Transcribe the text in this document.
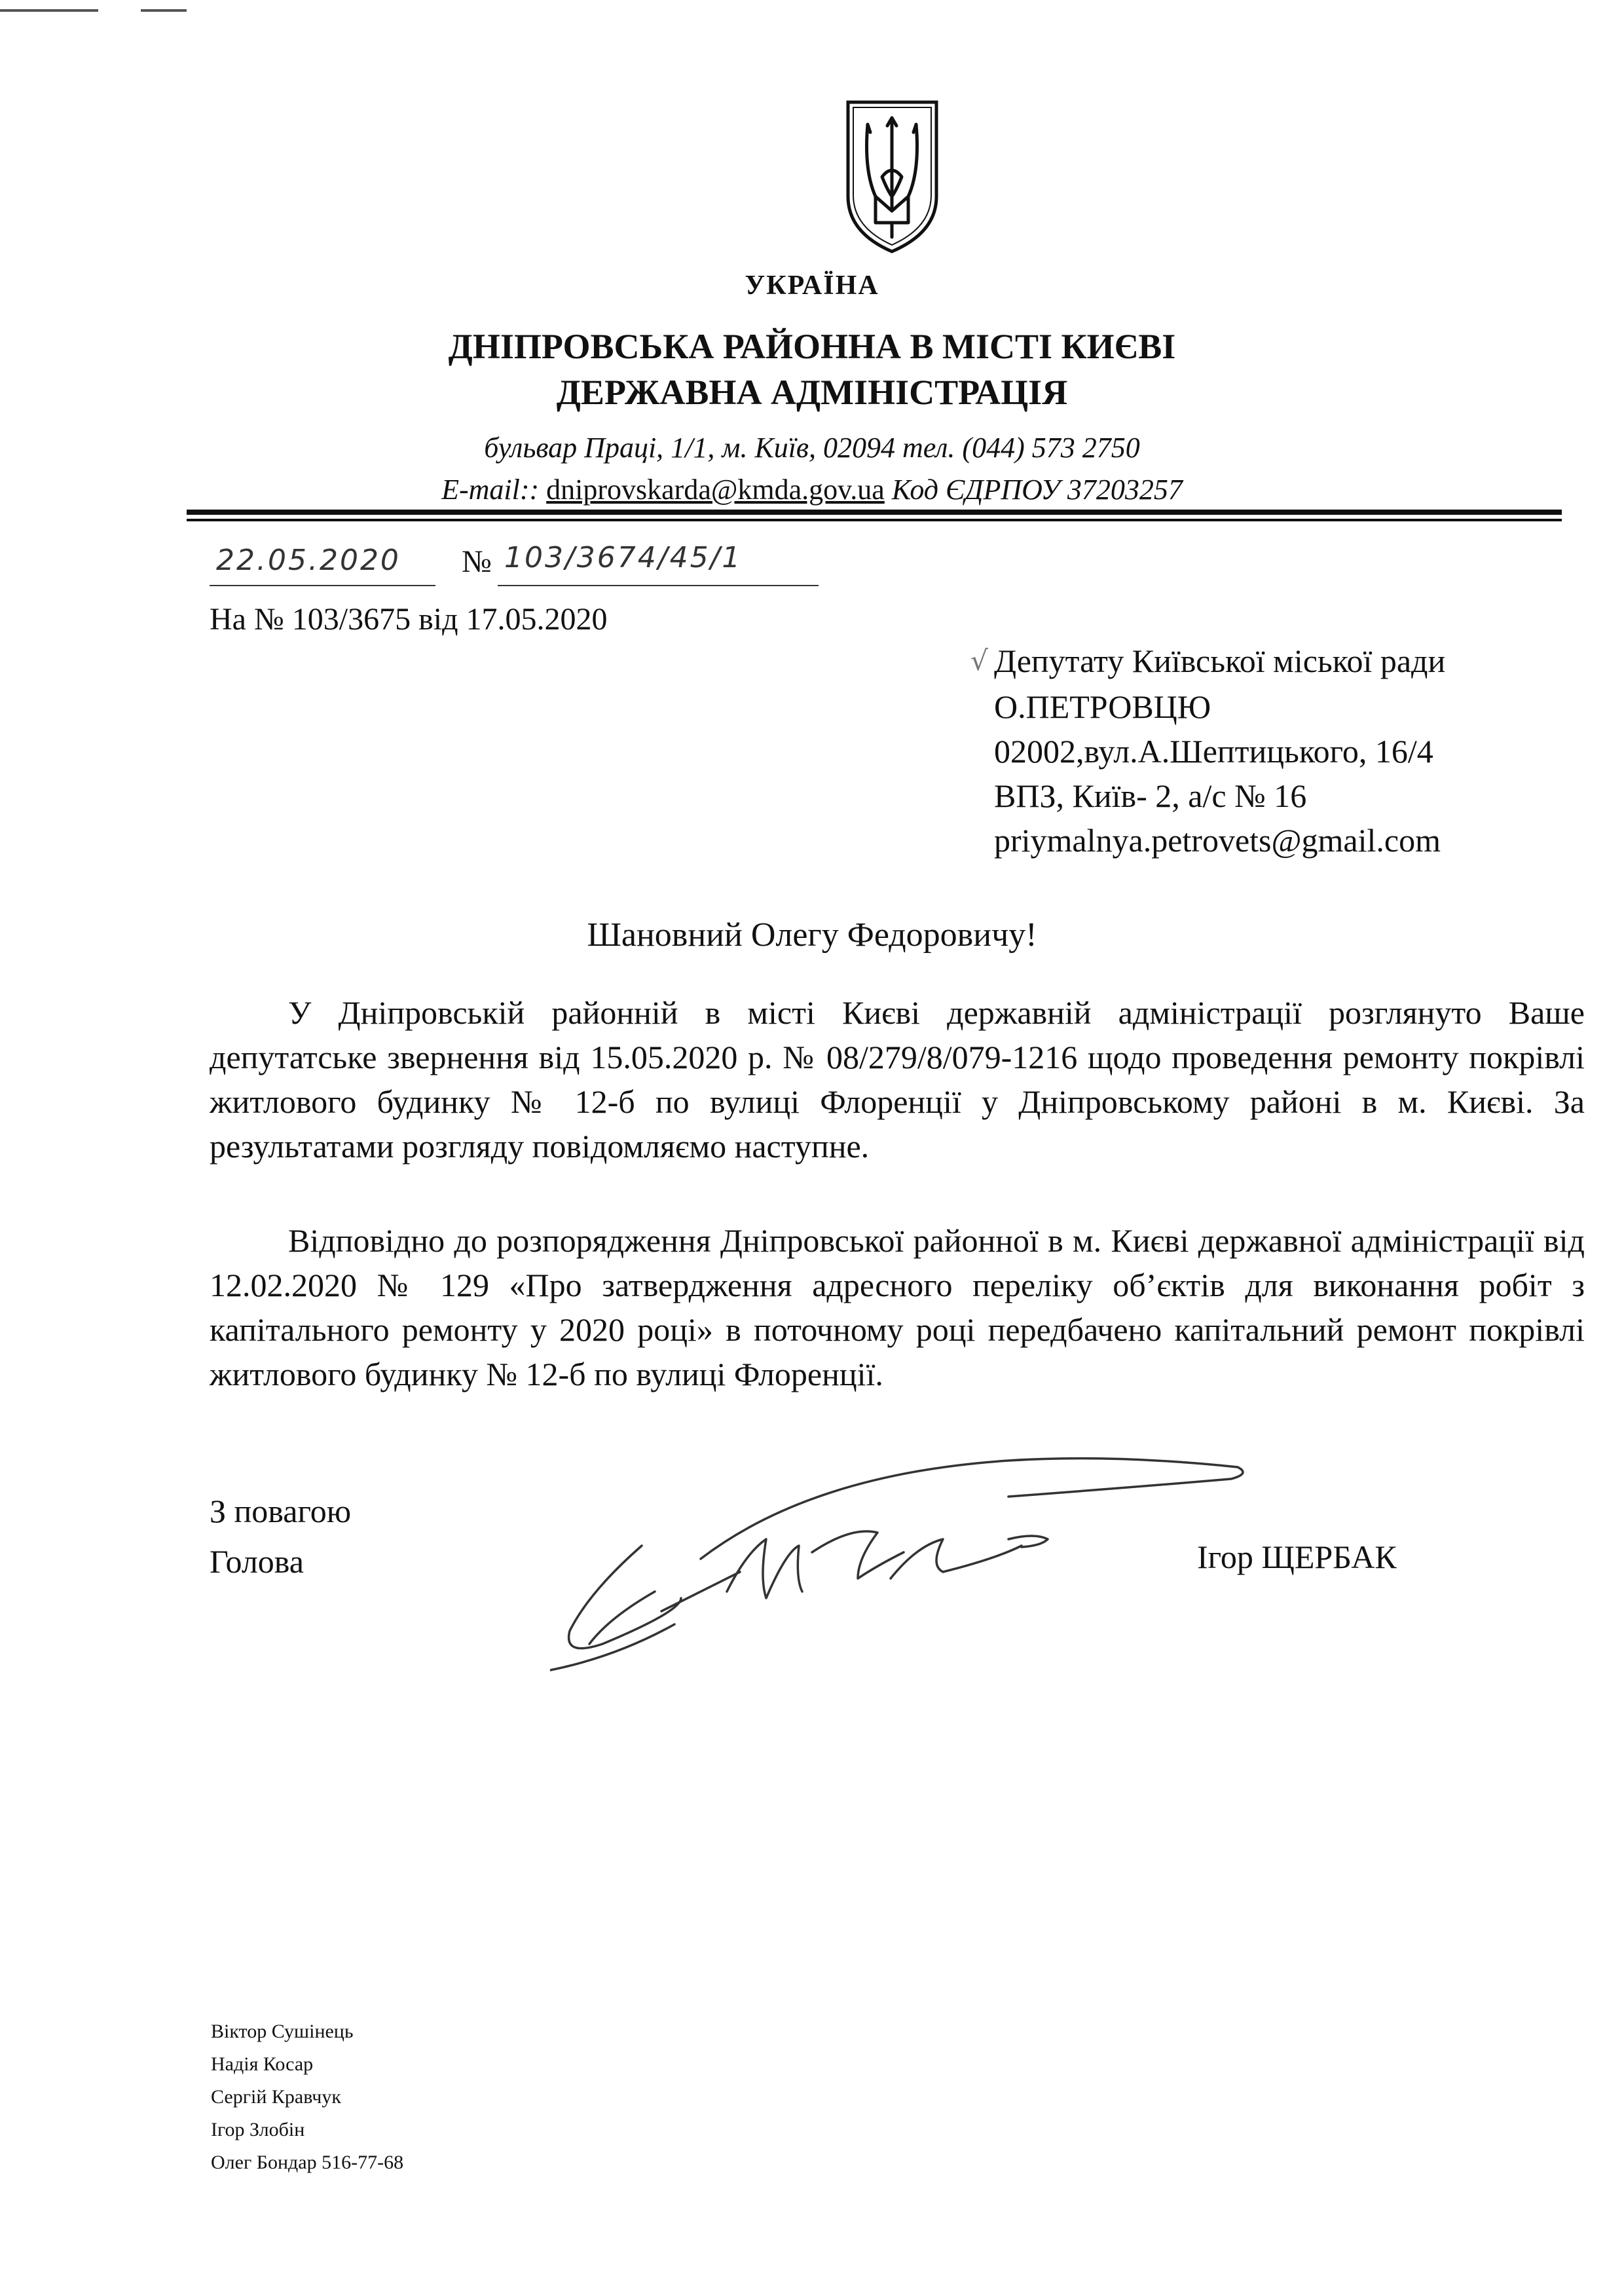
УКРАЇНА
ДНІПРОВСЬКА РАЙОННА В МІСТІ КИЄВІ
ДЕРЖАВНА АДМІНІСТРАЦІЯ
бульвар Праці, 1/1, м. Київ, 02094 тел. (044) 573 2750
E-mail:: dniprovskarda@kmda.gov.ua Код ЄДРПОУ 37203257
22.05.2020 № 103/3674/45/1
На № 103/3675 від 17.05.2020
√ Депутату Київської міської ради
О.ПЕТРОВЦЮ
02002,вул.А.Шептицького, 16/4
ВПЗ, Київ- 2, а/с № 16
priymalnya.petrovets@gmail.com
Шановний Олегу Федоровичу!

У Дніпровській районній в місті Києві державній адміністрації розглянуто Ваше депутатське звернення від 15.05.2020 р. № 08/279/8/079-1216 щодо проведення ремонту покрівлі житлового будинку № 12-б по вулиці Флоренції у Дніпровському районі в м. Києві. За результатами розгляду повідомляємо наступне.

Відповідно до розпорядження Дніпровської районної в м. Києві державної адміністрації від 12.02.2020 № 129 «Про затвердження адресного переліку об’єктів для виконання робіт з капітального ремонту у 2020 році» в поточному році передбачено капітальний ремонт покрівлі житлового будинку № 12-б по вулиці Флоренції.

З повагою
Голова	Ігор ЩЕРБАК
Віктор Сушінець
Надія Косар
Сергій Кравчук
Ігор Злобін
Олег Бондар 516-77-68
